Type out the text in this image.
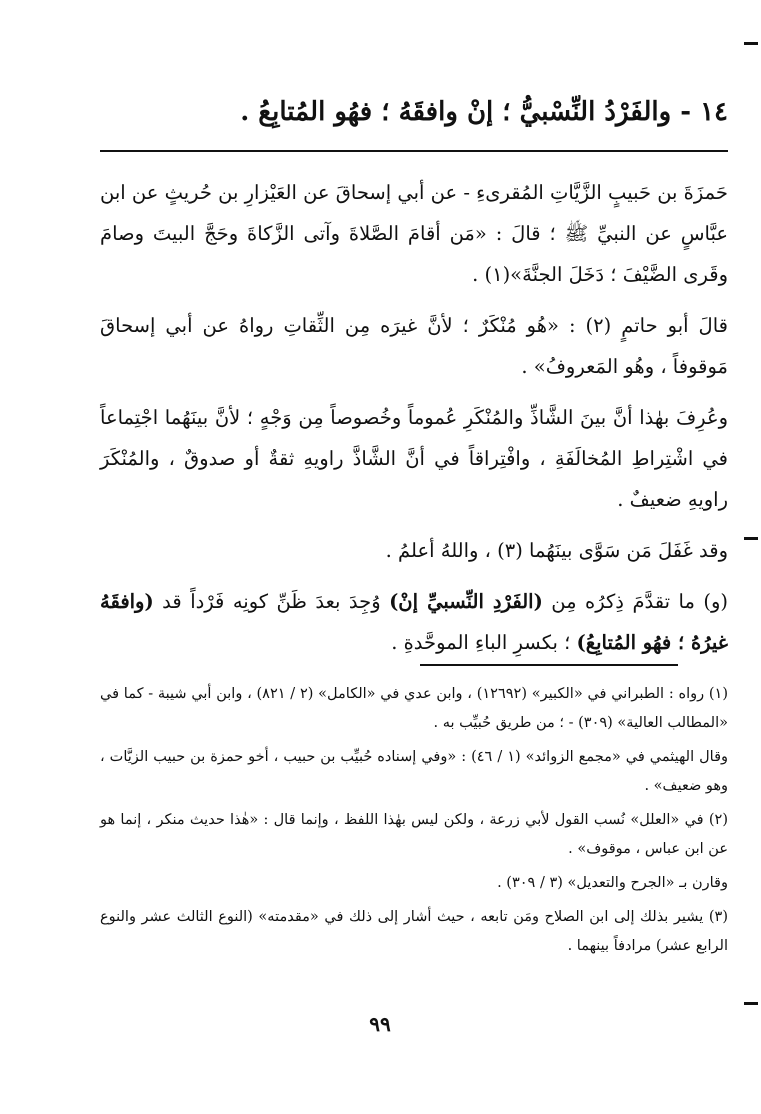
١٤ - والفَرْدُ النِّسْبيُّ ؛ إنْ وافقَهُ ؛ فهُو المُتابِعُ .

حَمزَةَ بن حَبيبٍ الزَّيَّاتِ المُقرىءِ - عن أبي إسحاقَ عن العَيْزارِ بن حُريثٍ عن ابن عبَّاسٍ عن النبيِّ ﷺ ؛ قالَ : «مَن أقامَ الصَّلاةَ وآتى الزَّكاةَ وحَجَّ البيتَ وصامَ وقَرى الضَّيْفَ ؛ دَخَلَ الجنَّةَ»(١) .

قالَ أبو حاتمٍ (٢) : «هُو مُنْكَرٌ ؛ لأنَّ غيرَه مِن الثِّقاتِ رواهُ عن أبي إسحاقَ مَوقوفاً ، وهُو المَعروفُ» .

وعُرِفَ بهٰذا أنَّ بينَ الشَّاذِّ والمُنْكَرِ عُموماً وخُصوصاً مِن وَجْهٍ ؛ لأنَّ بينَهُما اجْتِماعاً في اشْتِراطِ المُخالَفَةِ ، وافْتِراقاً في أنَّ الشَّاذَّ راويهِ ثقةٌ أو صدوقٌ ، والمُنْكَرَ راويهِ ضعيفٌ .

وقد غَفَلَ مَن سَوَّى بينَهُما (٣) ، واللهُ أعلمُ .

(و) ما تقدَّمَ ذِكرُه مِن (الفَرْدِ النِّسبيِّ إنْ) وُجِدَ بعدَ ظَنِّ كونِه فَرْداً قد (وافقَهُ غيرُهُ ؛ فهُو المُتابِعُ) ؛ بكسرِ الباءِ الموحَّدةِ .

(١) رواه : الطبراني في «الكبير» (١٢٦٩٢) ، وابن عدي في «الكامل» (٢ / ٨٢١) ، وابن أبي شيبة - كما في «المطالب العالية» (٣٠٩) - ؛ من طريق حُبيِّب به .

وقال الهيثمي في «مجمع الزوائد» (١ / ٤٦) : «وفي إسناده حُبيِّب بن حبيب ، أخو حمزة بن حبيب الزيَّات ، وهو ضعيف» .

(٢) في «العلل» نُسب القول لأبي زرعة ، ولكن ليس بهٰذا اللفظ ، وإنما قال : «هٰذا حديث منكر ، إنما هو عن ابن عباس ، موقوف» .

وقارن بـ «الجرح والتعديل» (٣ / ٣٠٩) .

(٣) يشير بذلك إلى ابن الصلاح ومَن تابعه ، حيث أشار إلى ذلك في «مقدمته» (النوع الثالث عشر والنوع الرابع عشر) مرادفاً بينهما .

٩٩
